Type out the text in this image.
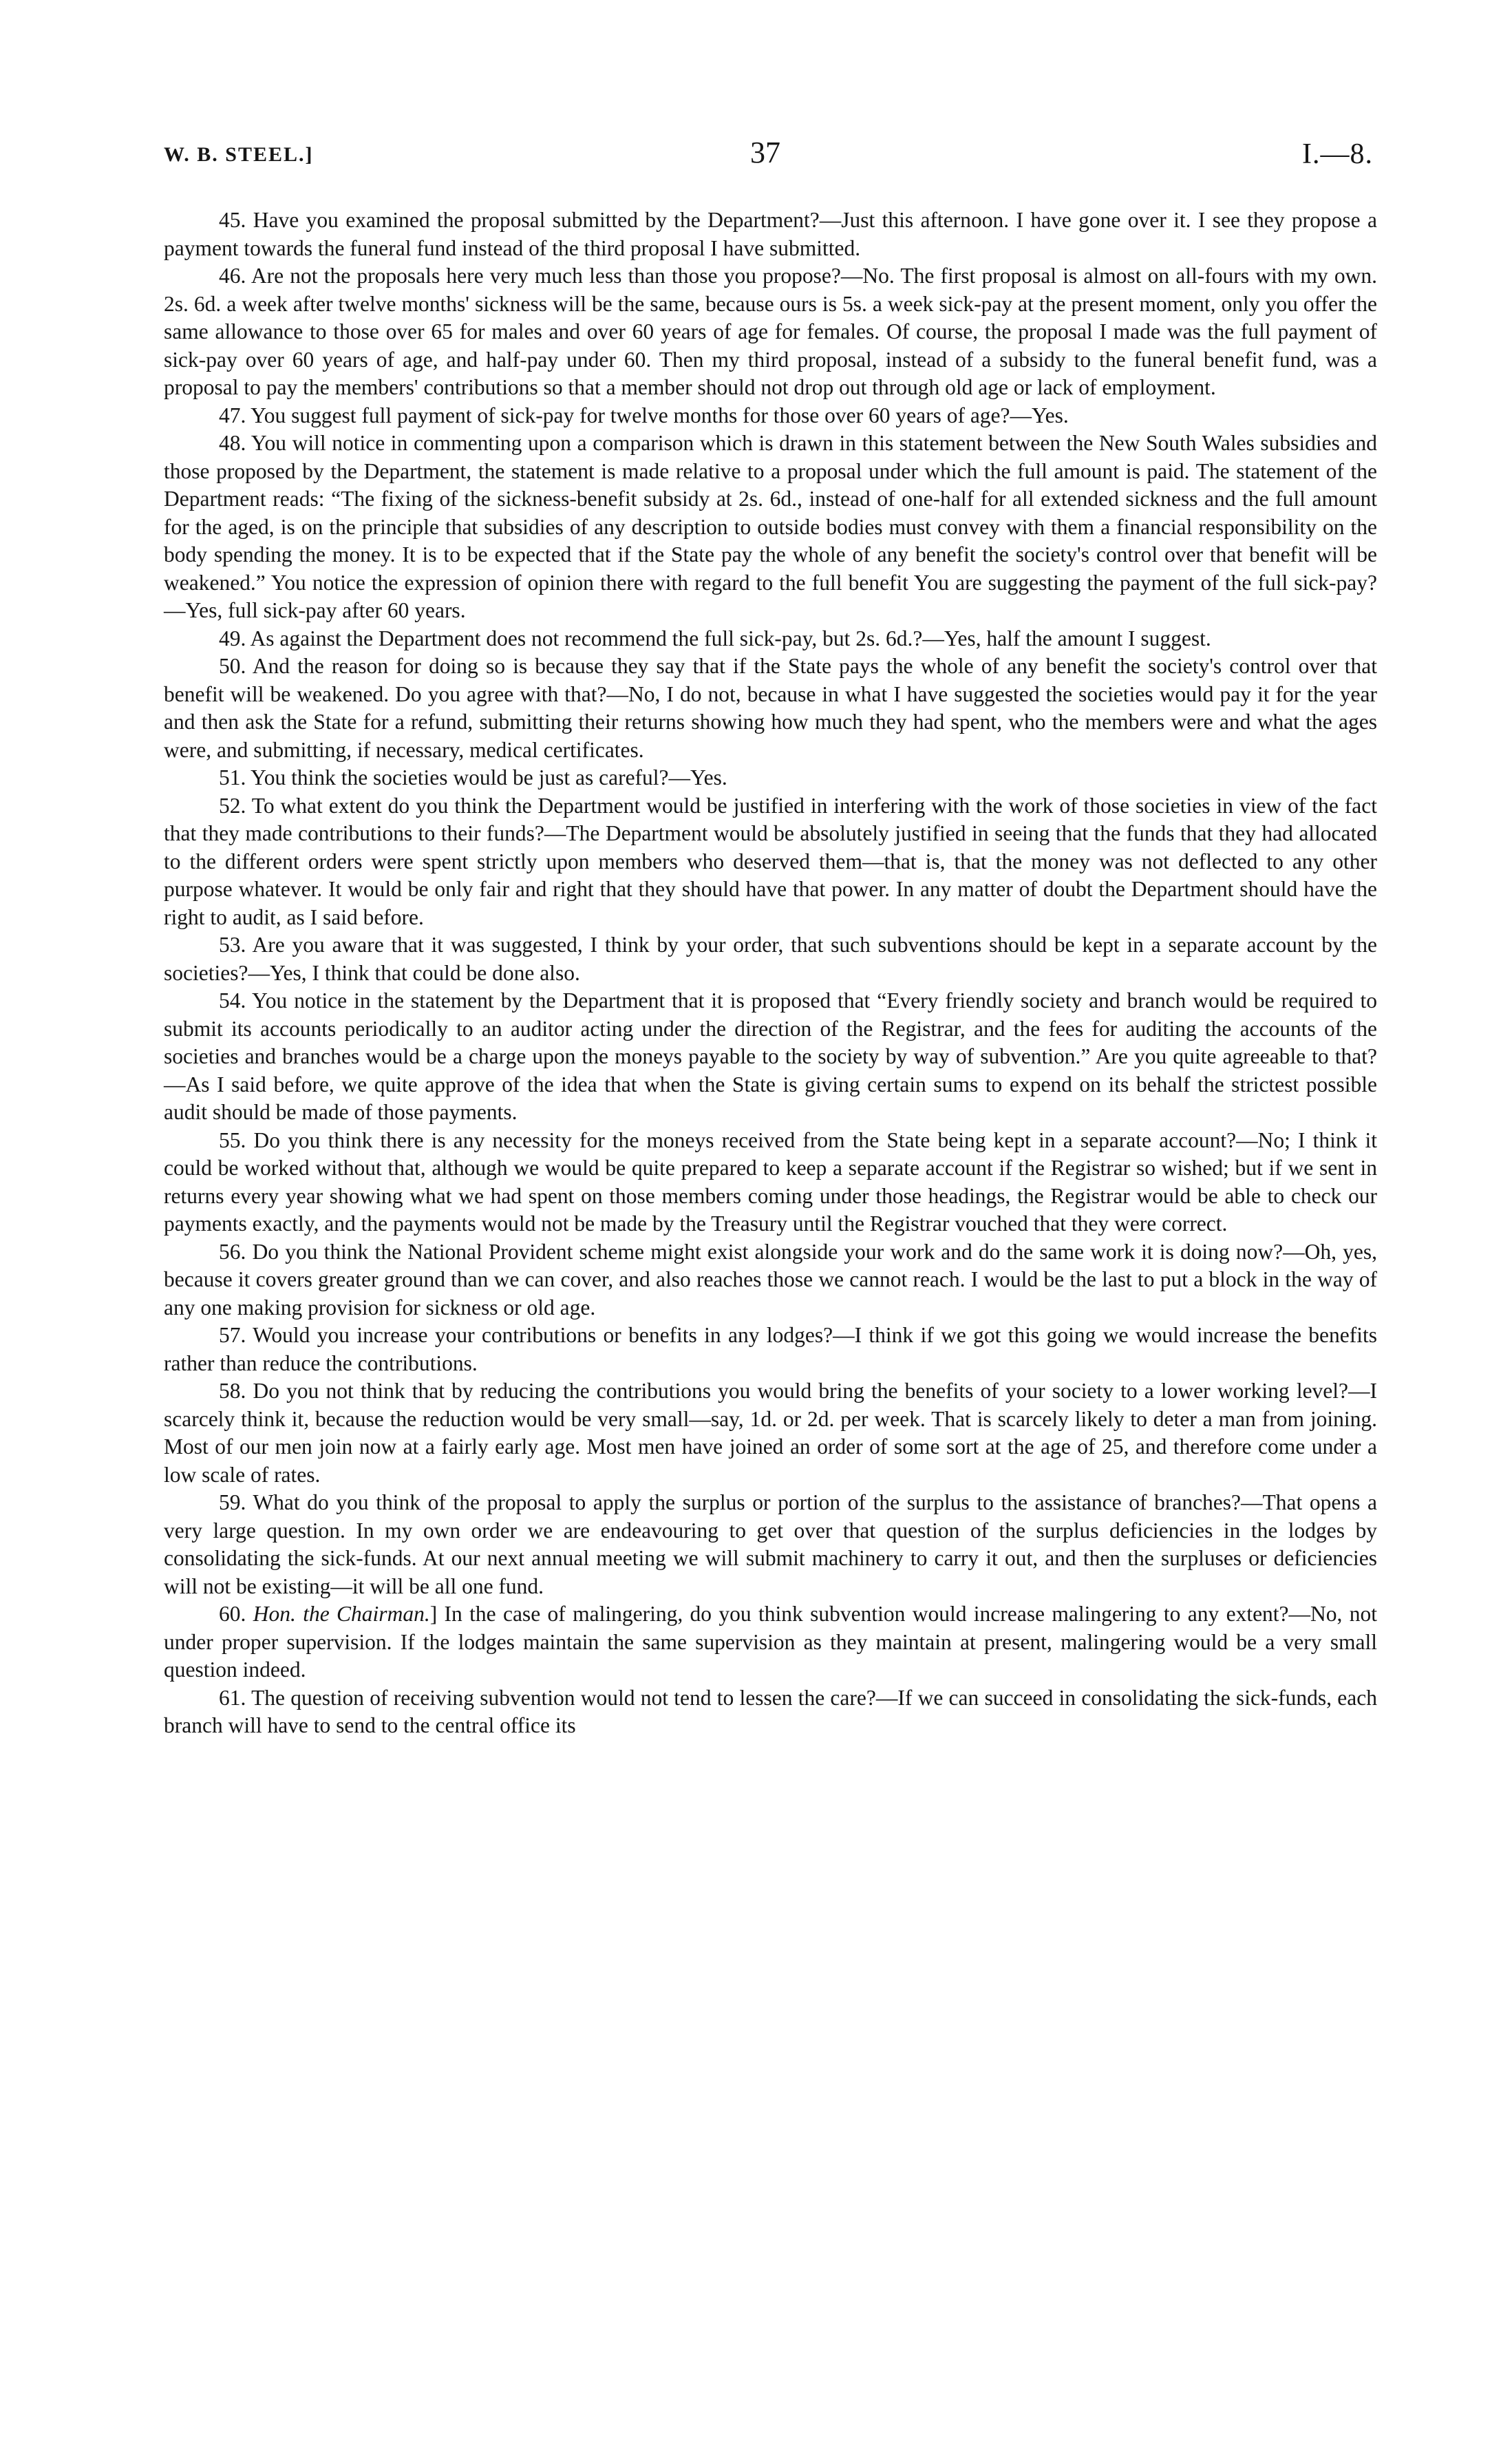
W. B. STEEL.]	37	I.—8.

45. Have you examined the proposal submitted by the Department?—Just this afternoon. I have gone over it. I see they propose a payment towards the funeral fund instead of the third proposal I have submitted.

46. Are not the proposals here very much less than those you propose?—No. The first proposal is almost on all-fours with my own. 2s. 6d. a week after twelve months' sickness will be the same, because ours is 5s. a week sick-pay at the present moment, only you offer the same allowance to those over 65 for males and over 60 years of age for females. Of course, the proposal I made was the full payment of sick-pay over 60 years of age, and half-pay under 60. Then my third proposal, instead of a subsidy to the funeral benefit fund, was a proposal to pay the members' contributions so that a member should not drop out through old age or lack of employment.

47. You suggest full payment of sick-pay for twelve months for those over 60 years of age?—Yes.

48. You will notice in commenting upon a comparison which is drawn in this statement between the New South Wales subsidies and those proposed by the Department, the statement is made relative to a proposal under which the full amount is paid. The statement of the Department reads: “The fixing of the sickness-benefit subsidy at 2s. 6d., instead of one-half for all extended sickness and the full amount for the aged, is on the principle that subsidies of any description to outside bodies must convey with them a financial responsibility on the body spending the money. It is to be expected that if the State pay the whole of any benefit the society's control over that benefit will be weakened.” You notice the expression of opinion there with regard to the full benefit You are suggesting the payment of the full sick-pay?—Yes, full sick-pay after 60 years.

49. As against the Department does not recommend the full sick-pay, but 2s. 6d.?—Yes, half the amount I suggest.

50. And the reason for doing so is because they say that if the State pays the whole of any benefit the society's control over that benefit will be weakened. Do you agree with that?—No, I do not, because in what I have suggested the societies would pay it for the year and then ask the State for a refund, submitting their returns showing how much they had spent, who the members were and what the ages were, and submitting, if necessary, medical certificates.

51. You think the societies would be just as careful?—Yes.

52. To what extent do you think the Department would be justified in interfering with the work of those societies in view of the fact that they made contributions to their funds?—The Department would be absolutely justified in seeing that the funds that they had allocated to the different orders were spent strictly upon members who deserved them—that is, that the money was not deflected to any other purpose whatever. It would be only fair and right that they should have that power. In any matter of doubt the Department should have the right to audit, as I said before.

53. Are you aware that it was suggested, I think by your order, that such subventions should be kept in a separate account by the societies?—Yes, I think that could be done also.

54. You notice in the statement by the Department that it is proposed that “Every friendly society and branch would be required to submit its accounts periodically to an auditor acting under the direction of the Registrar, and the fees for auditing the accounts of the societies and branches would be a charge upon the moneys payable to the society by way of subvention.” Are you quite agreeable to that?—As I said before, we quite approve of the idea that when the State is giving certain sums to expend on its behalf the strictest possible audit should be made of those payments.

55. Do you think there is any necessity for the moneys received from the State being kept in a separate account?—No; I think it could be worked without that, although we would be quite prepared to keep a separate account if the Registrar so wished; but if we sent in returns every year showing what we had spent on those members coming under those headings, the Registrar would be able to check our payments exactly, and the payments would not be made by the Treasury until the Registrar vouched that they were correct.

56. Do you think the National Provident scheme might exist alongside your work and do the same work it is doing now?—Oh, yes, because it covers greater ground than we can cover, and also reaches those we cannot reach. I would be the last to put a block in the way of any one making provision for sickness or old age.

57. Would you increase your contributions or benefits in any lodges?—I think if we got this going we would increase the benefits rather than reduce the contributions.

58. Do you not think that by reducing the contributions you would bring the benefits of your society to a lower working level?—I scarcely think it, because the reduction would be very small—say, 1d. or 2d. per week. That is scarcely likely to deter a man from joining. Most of our men join now at a fairly early age. Most men have joined an order of some sort at the age of 25, and therefore come under a low scale of rates.

59. What do you think of the proposal to apply the surplus or portion of the surplus to the assistance of branches?—That opens a very large question. In my own order we are endeavouring to get over that question of the surplus deficiencies in the lodges by consolidating the sick-funds. At our next annual meeting we will submit machinery to carry it out, and then the surpluses or deficiencies will not be existing—it will be all one fund.

60. Hon. the Chairman.] In the case of malingering, do you think subvention would increase malingering to any extent?—No, not under proper supervision. If the lodges maintain the same supervision as they maintain at present, malingering would be a very small question indeed.

61. The question of receiving subvention would not tend to lessen the care?—If we can succeed in consolidating the sick-funds, each branch will have to send to the central office its
